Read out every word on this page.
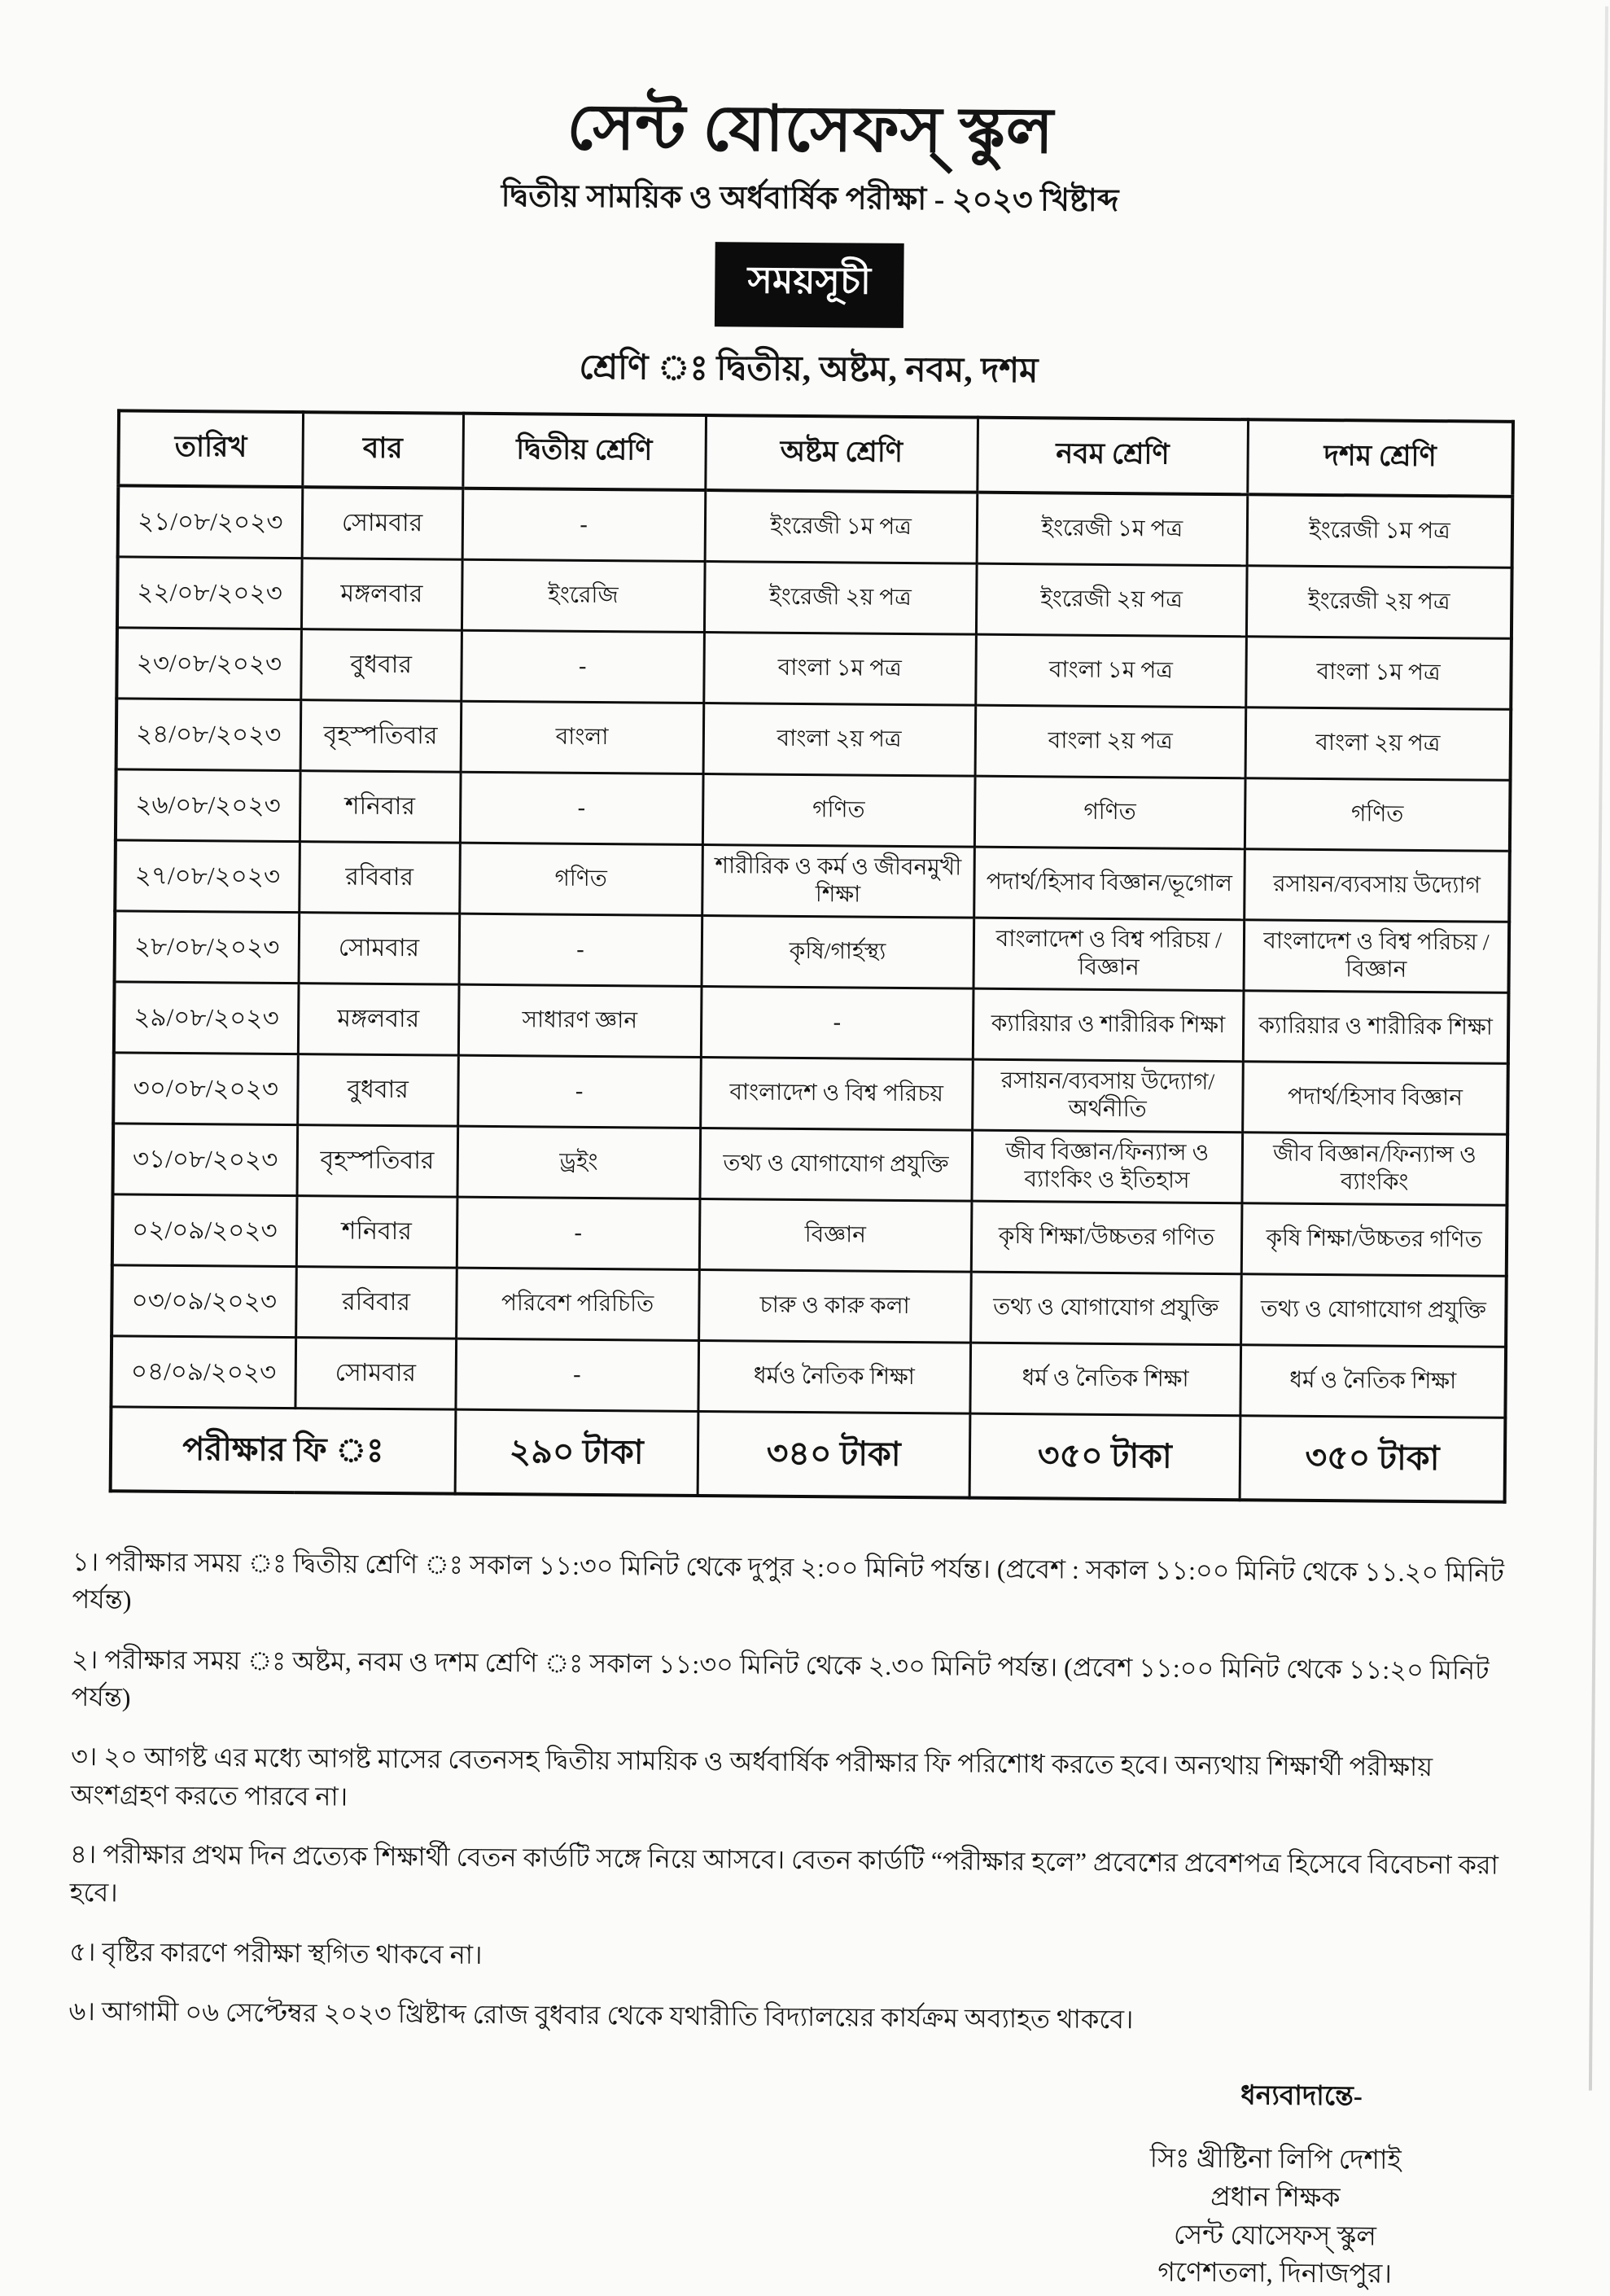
সেন্ট যোসেফস্ স্কুল
দ্বিতীয় সাময়িক ও অর্ধবার্ষিক পরীক্ষা - ২০২৩ খিষ্টাব্দ
সময়সূচী
শ্রেণি ঃ দ্বিতীয়, অষ্টম, নবম, দশম
তারিখ	বার	দ্বিতীয় শ্রেণি	অষ্টম শ্রেণি	নবম শ্রেণি	দশম শ্রেণি
২১/০৮/২০২৩	সোমবার	-	ইংরেজী ১ম পত্র	ইংরেজী ১ম পত্র	ইংরেজী ১ম পত্র
২২/০৮/২০২৩	মঙ্গলবার	ইংরেজি	ইংরেজী ২য় পত্র	ইংরেজী ২য় পত্র	ইংরেজী ২য় পত্র
২৩/০৮/২০২৩	বুধবার	-	বাংলা ১ম পত্র	বাংলা ১ম পত্র	বাংলা ১ম পত্র
২৪/০৮/২০২৩	বৃহস্পতিবার	বাংলা	বাংলা ২য় পত্র	বাংলা ২য় পত্র	বাংলা ২য় পত্র
২৬/০৮/২০২৩	শনিবার	-	গণিত	গণিত	গণিত
২৭/০৮/২০২৩	রবিবার	গণিত	শারীরিক ও কর্ম ও জীবনমুখী শিক্ষা	পদার্থ/হিসাব বিজ্ঞান/ভূগোল	রসায়ন/ব্যবসায় উদ্যোগ
২৮/০৮/২০২৩	সোমবার	-	কৃষি/গার্হস্থ্য	বাংলাদেশ ও বিশ্ব পরিচয় /বিজ্ঞান	বাংলাদেশ ও বিশ্ব পরিচয় /বিজ্ঞান
২৯/০৮/২০২৩	মঙ্গলবার	সাধারণ জ্ঞান	-	ক্যারিয়ার ও শারীরিক শিক্ষা	ক্যারিয়ার ও শারীরিক শিক্ষা
৩০/০৮/২০২৩	বুধবার	-	বাংলাদেশ ও বিশ্ব পরিচয়	রসায়ন/ব্যবসায় উদ্যোগ/অর্থনীতি	পদার্থ/হিসাব বিজ্ঞান
৩১/০৮/২০২৩	বৃহস্পতিবার	ড্রইং	তথ্য ও যোগাযোগ প্রযুক্তি	জীব বিজ্ঞান/ফিন্যান্স ও ব্যাংকিং ও ইতিহাস	জীব বিজ্ঞান/ফিন্যান্স ও ব্যাংকিং
০২/০৯/২০২৩	শনিবার	-	বিজ্ঞান	কৃষি শিক্ষা/উচ্চতর গণিত	কৃষি শিক্ষা/উচ্চতর গণিত
০৩/০৯/২০২৩	রবিবার	পরিবেশ পরিচিতি	চারু ও কারু কলা	তথ্য ও যোগাযোগ প্রযুক্তি	তথ্য ও যোগাযোগ প্রযুক্তি
০৪/০৯/২০২৩	সোমবার	-	ধর্মও নৈতিক শিক্ষা	ধর্ম ও নৈতিক শিক্ষা	ধর্ম ও নৈতিক শিক্ষা
পরীক্ষার ফি ঃ		২৯০ টাকা	৩৪০ টাকা	৩৫০ টাকা	৩৫০ টাকা

১। পরীক্ষার সময় ঃ দ্বিতীয় শ্রেণি ঃ সকাল ১১:৩০ মিনিট থেকে দুপুর ২:০০ মিনিট পর্যন্ত। (প্রবেশ : সকাল ১১:০০ মিনিট থেকে ১১.২০ মিনিট পর্যন্ত)

২। পরীক্ষার সময় ঃ অষ্টম, নবম ও দশম শ্রেণি ঃ সকাল ১১:৩০ মিনিট থেকে ২.৩০ মিনিট পর্যন্ত। (প্রবেশ ১১:০০ মিনিট থেকে ১১:২০ মিনিট পর্যন্ত)

৩। ২০ আগষ্ট এর মধ্যে আগষ্ট মাসের বেতনসহ দ্বিতীয় সাময়িক ও অর্ধবার্ষিক পরীক্ষার ফি পরিশোধ করতে হবে। অন্যথায় শিক্ষার্থী পরীক্ষায় অংশগ্রহণ করতে পারবে না।

৪। পরীক্ষার প্রথম দিন প্রত্যেক শিক্ষার্থী বেতন কার্ডটি সঙ্গে নিয়ে আসবে। বেতন কার্ডটি “পরীক্ষার হলে” প্রবেশের প্রবেশপত্র হিসেবে বিবেচনা করা হবে।

৫। বৃষ্টির কারণে পরীক্ষা স্থগিত থাকবে না।

৬। আগামী ০৬ সেপ্টেম্বর ২০২৩ খ্রিষ্টাব্দ রোজ বুধবার থেকে যথারীতি বিদ্যালয়ের কার্যক্রম অব্যাহত থাকবে।

ধন্যবাদান্তে-
সিঃ খ্রীষ্টিনা লিপি দেশাই
প্রধান শিক্ষক
সেন্ট যোসেফস্ স্কুল
গণেশতলা, দিনাজপুর।
